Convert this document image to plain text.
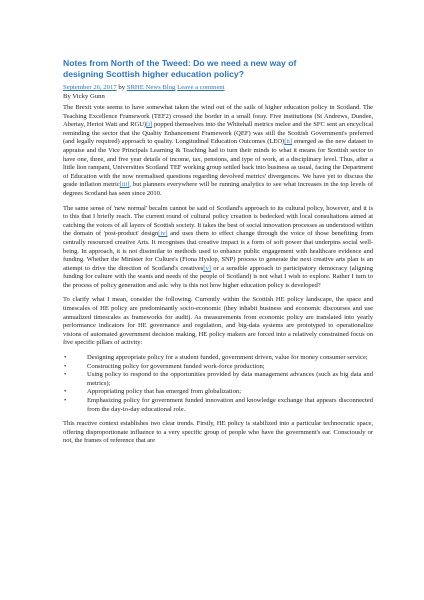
Notes from North of the Tweed: Do we need a new way of designing Scottish higher education policy?

September 26, 2017 by SRHE News Blog Leave a comment

By Vicky Gunn

The Brexit vote seems to have somewhat taken the wind out of the sails of higher education policy in Scotland. The Teaching Excellence Framework (TEF2) crossed the border in a small foray. Five institutions (St Andrews, Dundee, Abertay, Heriot Watt and RGU)[i] popped themselves into the Whitehall metrics melee and the SFC sent an encyclical reminding the sector that the Quality Enhancement Framework (QEF) was still the Scottish Government's preferred (and legally required) approach to quality. Longitudinal Education Outcomes (LEO)[ii] emerged as the new dataset to appraise and the Vice Principals Learning & Teaching had to turn their minds to what it means for Scottish sector to have one, three, and five year details of income, tax, pensions, and type of work, at a disciplinary level. Thus, after a little lion rampant, Universities Scotland TEF working group settled back into business as usual, facing the Department of Education with the now normalised questions regarding devolved metrics' divergences. We have yet to discuss the grade inflation metric[iii], but planners everywhere will be running analytics to see what increases in the top levels of degrees Scotland has seen since 2010.

The same sense of 'new normal' becalm cannot be said of Scotland's approach to its cultural policy, however, and it is to this that I briefly reach. The current round of cultural policy creation is bedecked with local consultations aimed at catching the voices of all layers of Scottish society. It takes the best of social innovation processes as understood within the domain of 'post-product' design[iv] and uses them to effect change through the voice of those benefiting from centrally resourced creative Arts. It recognises that creative impact is a form of soft power that underpins social well-being. In approach, it is not dissimilar to methods used to enhance public engagement with healthcare evidence and funding. Whether the Minister for Culture's (Fiona Hyslop, SNP) process to generate the next creative arts plan is an attempt to drive the direction of Scotland's creatives[v] or a sensible approach to participatory democracy (aligning funding for culture with the wants and needs of the people of Scotland) is not what I wish to explore. Rather I turn to the process of policy generation and ask: why is this not how higher education policy is developed?

To clarify what I mean, consider the following. Currently within the Scottish HE policy landscape, the space and timescales of HE policy are predominantly socio-economic (they inhabit business and economic discourses and use annualized timescales as frameworks for audit). As measurements from economic policy are translated into yearly performance indicators for HE governance and regulation, and big-data systems are prototyped to operationalize visions of automated government decision making, HE policy makers are forced into a relatively constrained focus on five specific pillars of activity:

•	Designing appropriate policy for a student funded, government driven, value for money consumer service;
•	Constructing policy for government funded work-force production;
•	Using policy to respond to the opportunities provided by data management advances (such as big data and metrics);
•	Appropriating policy that has emerged from globalization;
•	Emphasizing policy for government funded innovation and knowledge exchange that appears disconnected from the day-to-day educational role.

This reactive context establishes two clear trends. Firstly, HE policy is stabilized into a particular technocratic space, offering disproportionate influence to a very specific group of people who have the government's ear. Consciously or not, the frames of reference that are
